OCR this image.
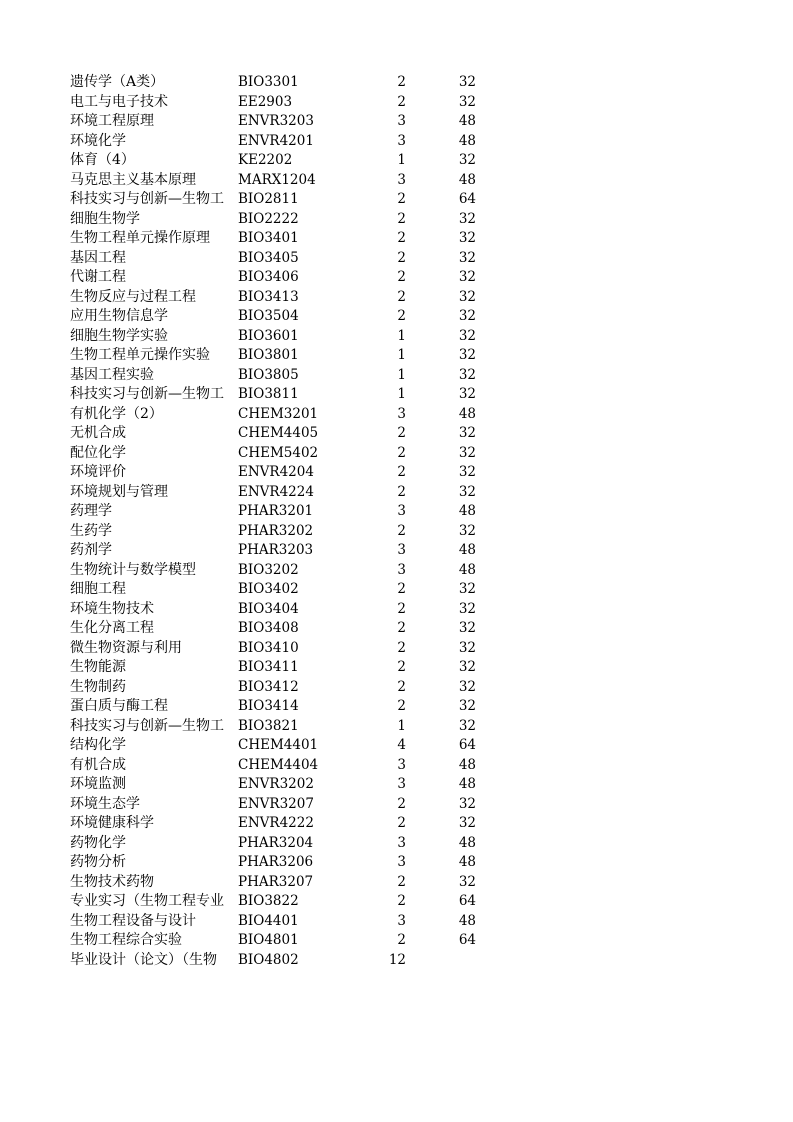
遗传学（A类）	BIO3301	2	32
电工与电子技术	EE2903	2	32
环境工程原理	ENVR3203	3	48
环境化学	ENVR4201	3	48
体育（4）	KE2202	1	32
马克思主义基本原理	MARX1204	3	48
科技实习与创新—生物工	BIO2811	2	64
细胞生物学	BIO2222	2	32
生物工程单元操作原理	BIO3401	2	32
基因工程	BIO3405	2	32
代谢工程	BIO3406	2	32
生物反应与过程工程	BIO3413	2	32
应用生物信息学	BIO3504	2	32
细胞生物学实验	BIO3601	1	32
生物工程单元操作实验	BIO3801	1	32
基因工程实验	BIO3805	1	32
科技实习与创新—生物工	BIO3811	1	32
有机化学（2）	CHEM3201	3	48
无机合成	CHEM4405	2	32
配位化学	CHEM5402	2	32
环境评价	ENVR4204	2	32
环境规划与管理	ENVR4224	2	32
药理学	PHAR3201	3	48
生药学	PHAR3202	2	32
药剂学	PHAR3203	3	48
生物统计与数学模型	BIO3202	3	48
细胞工程	BIO3402	2	32
环境生物技术	BIO3404	2	32
生化分离工程	BIO3408	2	32
微生物资源与利用	BIO3410	2	32
生物能源	BIO3411	2	32
生物制药	BIO3412	2	32
蛋白质与酶工程	BIO3414	2	32
科技实习与创新—生物工	BIO3821	1	32
结构化学	CHEM4401	4	64
有机合成	CHEM4404	3	48
环境监测	ENVR3202	3	48
环境生态学	ENVR3207	2	32
环境健康科学	ENVR4222	2	32
药物化学	PHAR3204	3	48
药物分析	PHAR3206	3	48
生物技术药物	PHAR3207	2	32
专业实习（生物工程专业	BIO3822	2	64
生物工程设备与设计	BIO4401	3	48
生物工程综合实验	BIO4801	2	64
毕业设计（论文）（生物	BIO4802	12
